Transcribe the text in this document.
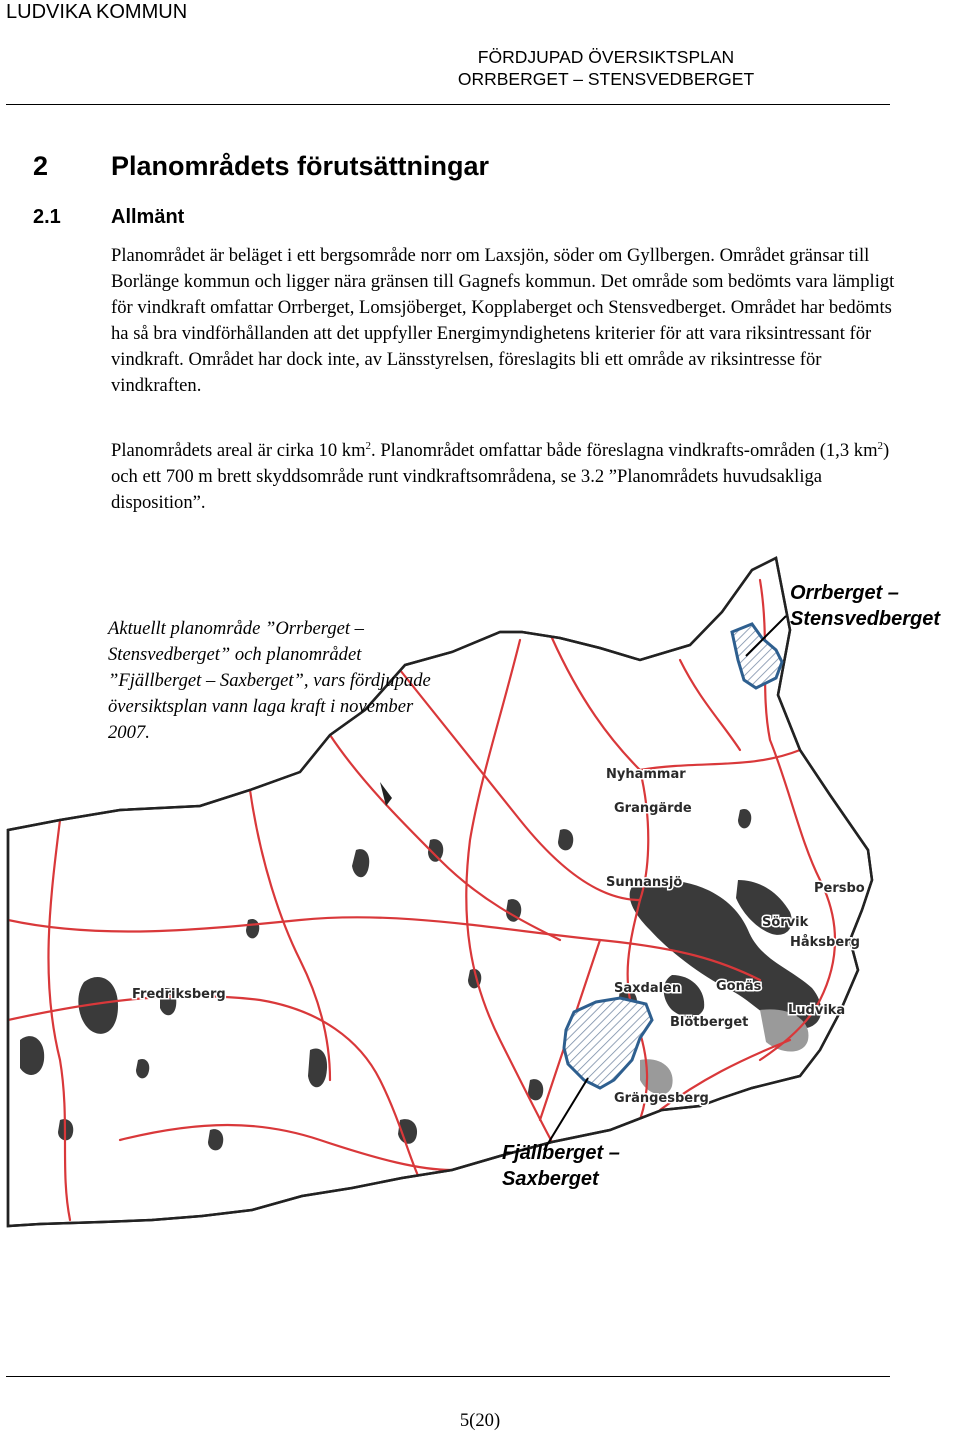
LUDVIKA KOMMUN
FÖRDJUPAD ÖVERSIKTSPLAN
ORRBERGET – STENSVEDBERGET
2 Planområdets förutsättningar
2.1	Allmänt

Planområdet är beläget i ett bergsområde norr om Laxsjön, söder om Gyllbergen. Området gränsar till Borlänge kommun och ligger nära gränsen till Gagnefs kommun. Det område som bedömts vara lämpligt för vindkraft omfattar Orrberget, Lomsjöberget, Kopplaberget och Stensvedberget. Området har bedömts ha så bra vindförhållanden att det uppfyller Energimyndighetens kriterier för att vara riksintressant för vindkraft. Området har dock inte, av Länsstyrelsen, föreslagits bli ett område av riksintresse för vindkraften.

Planområdets areal är cirka 10 $km^2$. Planområdet omfattar både föreslagna vindkrafts-områden (1,3 $km^2$) och ett 700 m brett skyddsområde runt vindkraftsområdena, se 3.2 ”Planområdets huvudsakliga disposition”.

Nyhammar
Grangärde
Sunnansjö	Persbo
Sörvik
Håksberg
Fredriksberg	Saxdalen	Gonäs
Ludvika
Blötberget
Grängesberg
Aktuellt planområde ”Orrberget – Stensvedberget” och planområdet ”Fjällberget – Saxberget”, vars fördjupade översiktsplan vann laga kraft i november 2007.
Orrberget –
Stensvedberget
Fjällberget –
Saxberget
5(20)
